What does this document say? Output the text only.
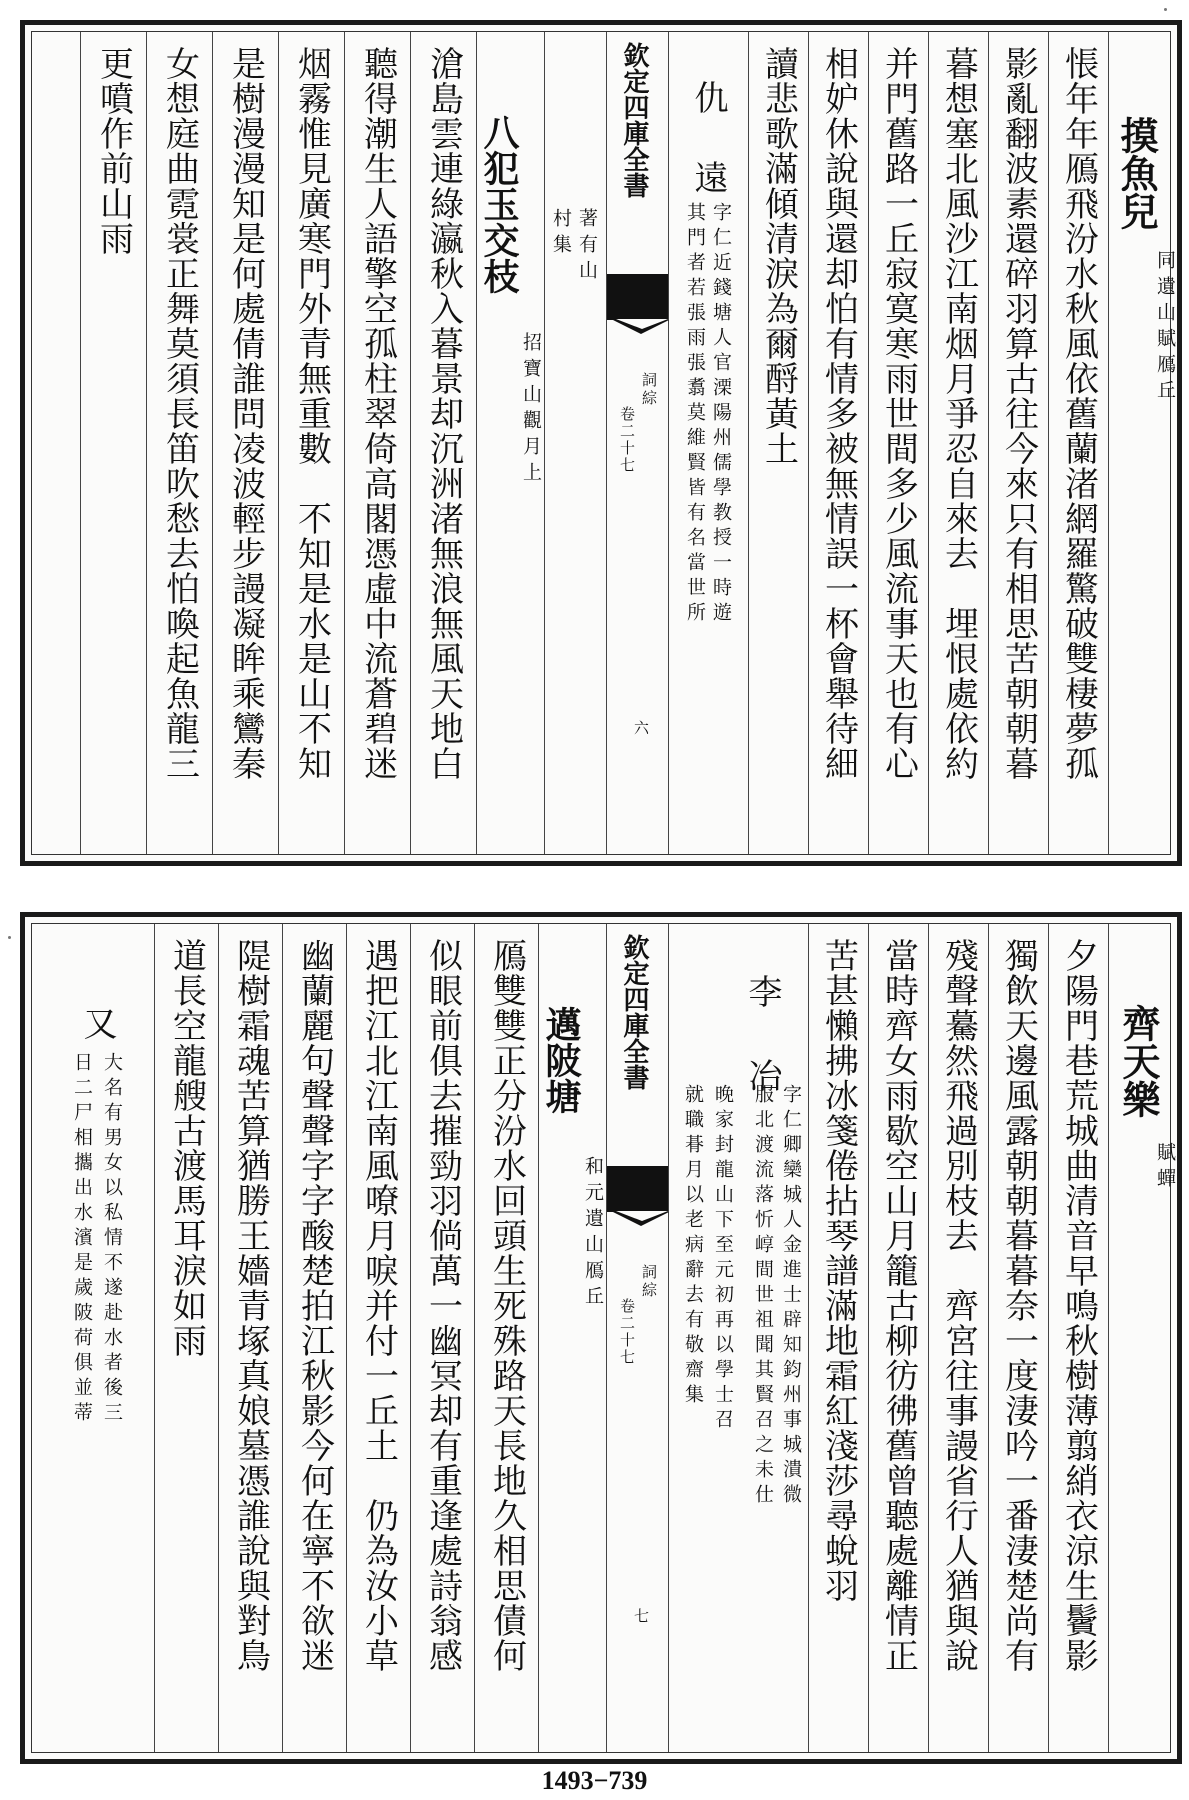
摸魚兒
同遺山賦鴈丘
悵年年鴈飛汾水秋風依舊蘭渚網羅驚破雙棲夢孤
影亂翻波素還碎羽算古往今來只有相思苦朝朝暮
暮想塞北風沙江南烟月爭忍自來去　埋恨處依約
并門舊路一丘寂寞寒雨世間多少風流事天也有心
相妒休說與還却怕有情多被無情誤一杯會舉待細
讀悲歌滿傾清淚為爾酹黃土
仇　遠
字仁近錢塘人官溧陽州儒學教授一時遊
其門者若張雨張翥莫維賢皆有名當世所
欽定四庫全書
詞綜
卷二十七
六
著有山
村集
八犯玉交枝
招寶山觀月上
滄島雲連綠瀛秋入暮景却沉洲渚無浪無風天地白
聽得潮生人語擎空孤柱翠倚高閣憑虛中流蒼碧迷
烟霧惟見廣寒門外青無重數　不知是水是山不知
是樹漫漫知是何處倩誰問凌波輕步謾凝眸乘鸞秦
女想庭曲霓裳正舞莫須長笛吹愁去怕喚起魚龍三
更噴作前山雨
齊天樂
賦蟬
夕陽門巷荒城曲清音早鳴秋樹薄翦綃衣涼生鬢影
獨飲天邊風露朝朝暮暮奈一度淒吟一番淒楚尚有
殘聲驀然飛過別枝去　齊宮往事謾省行人猶與說
當時齊女雨歇空山月籠古柳彷彿舊曾聽處離情正
苦甚懶拂冰箋倦拈琴譜滿地霜紅淺莎尋蛻羽
李　冶
字仁卿欒城人金進士辟知鈞州事城潰微
服北渡流落忻崞間世祖聞其賢召之未仕
晚家封龍山下至元初再以學士召
就職朞月以老病辭去有敬齋集
欽定四庫全書
詞綜
卷二十七
七
邁陂塘
和元遺山鴈丘
鴈雙雙正分汾水回頭生死殊路天長地久相思債何
似眼前俱去摧勁羽倘萬一幽冥却有重逢處詩翁感
遇把江北江南風嘹月唳并付一丘土　仍為汝小草
幽蘭麗句聲聲字字酸楚拍江秋影今何在寧不欲迷
隄樹霜魂苦算猶勝王嬙青塚真娘墓憑誰說與對鳥
道長空龍艘古渡馬耳淚如雨
又
大名有男女以私情不遂赴水者後三
日二尸相攜出水濱是歲陂荷俱並蒂
1493−739
